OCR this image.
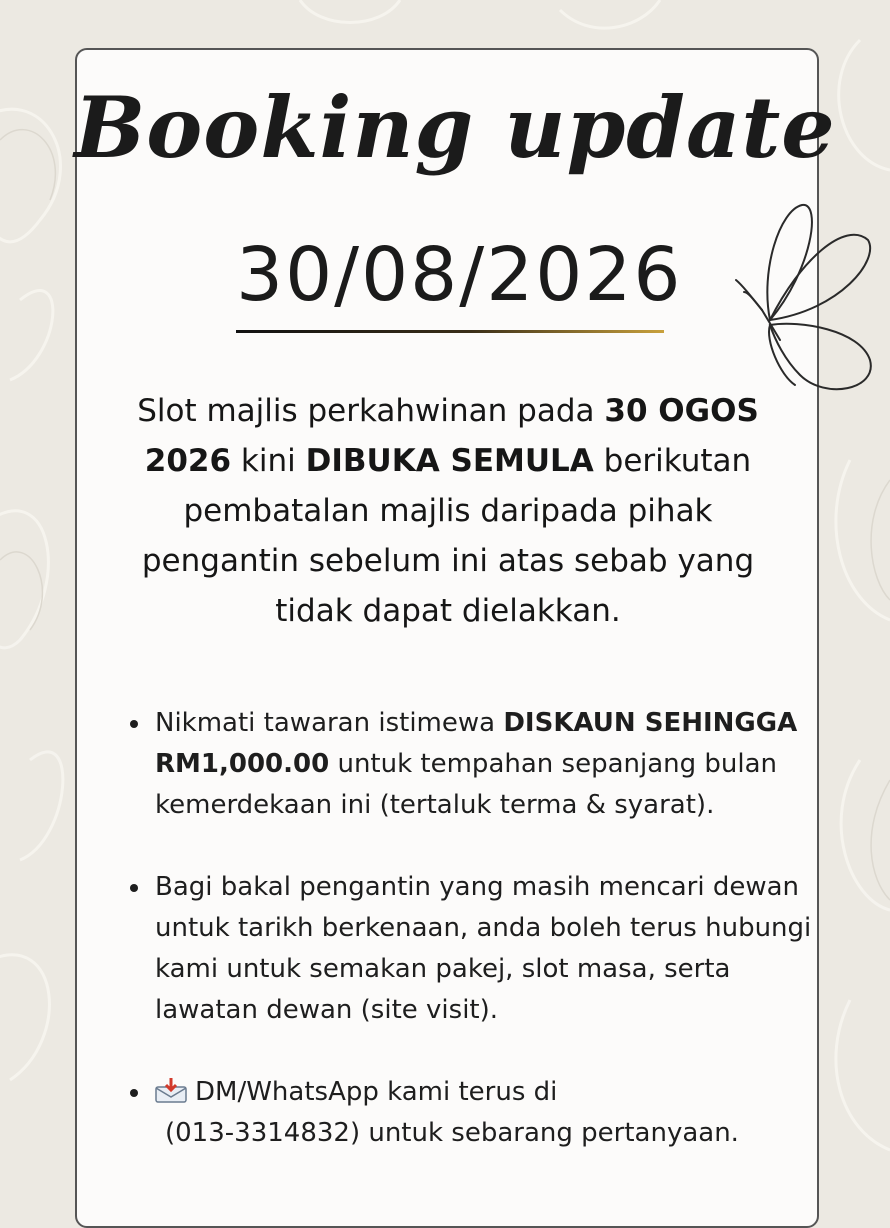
Booking update
30/08/2026

Slot majlis perkahwinan pada 30 OGOS 2026 kini DIBUKA SEMULA berikutan pembatalan majlis daripada pihak pengantin sebelum ini atas sebab yang tidak dapat dielakkan.

Nikmati tawaran istimewa DISKAUN SEHINGGA RM1,000.00 untuk tempahan sepanjang bulan kemerdekaan ini (tertaluk terma & syarat).
Bagi bakal pengantin yang masih mencari dewan untuk tarikh berkenaan, anda boleh terus hubungi kami untuk semakan pakej, slot masa, serta lawatan dewan (site visit).
DM/WhatsApp kami terus di
(013-3314832) untuk sebarang pertanyaan.
